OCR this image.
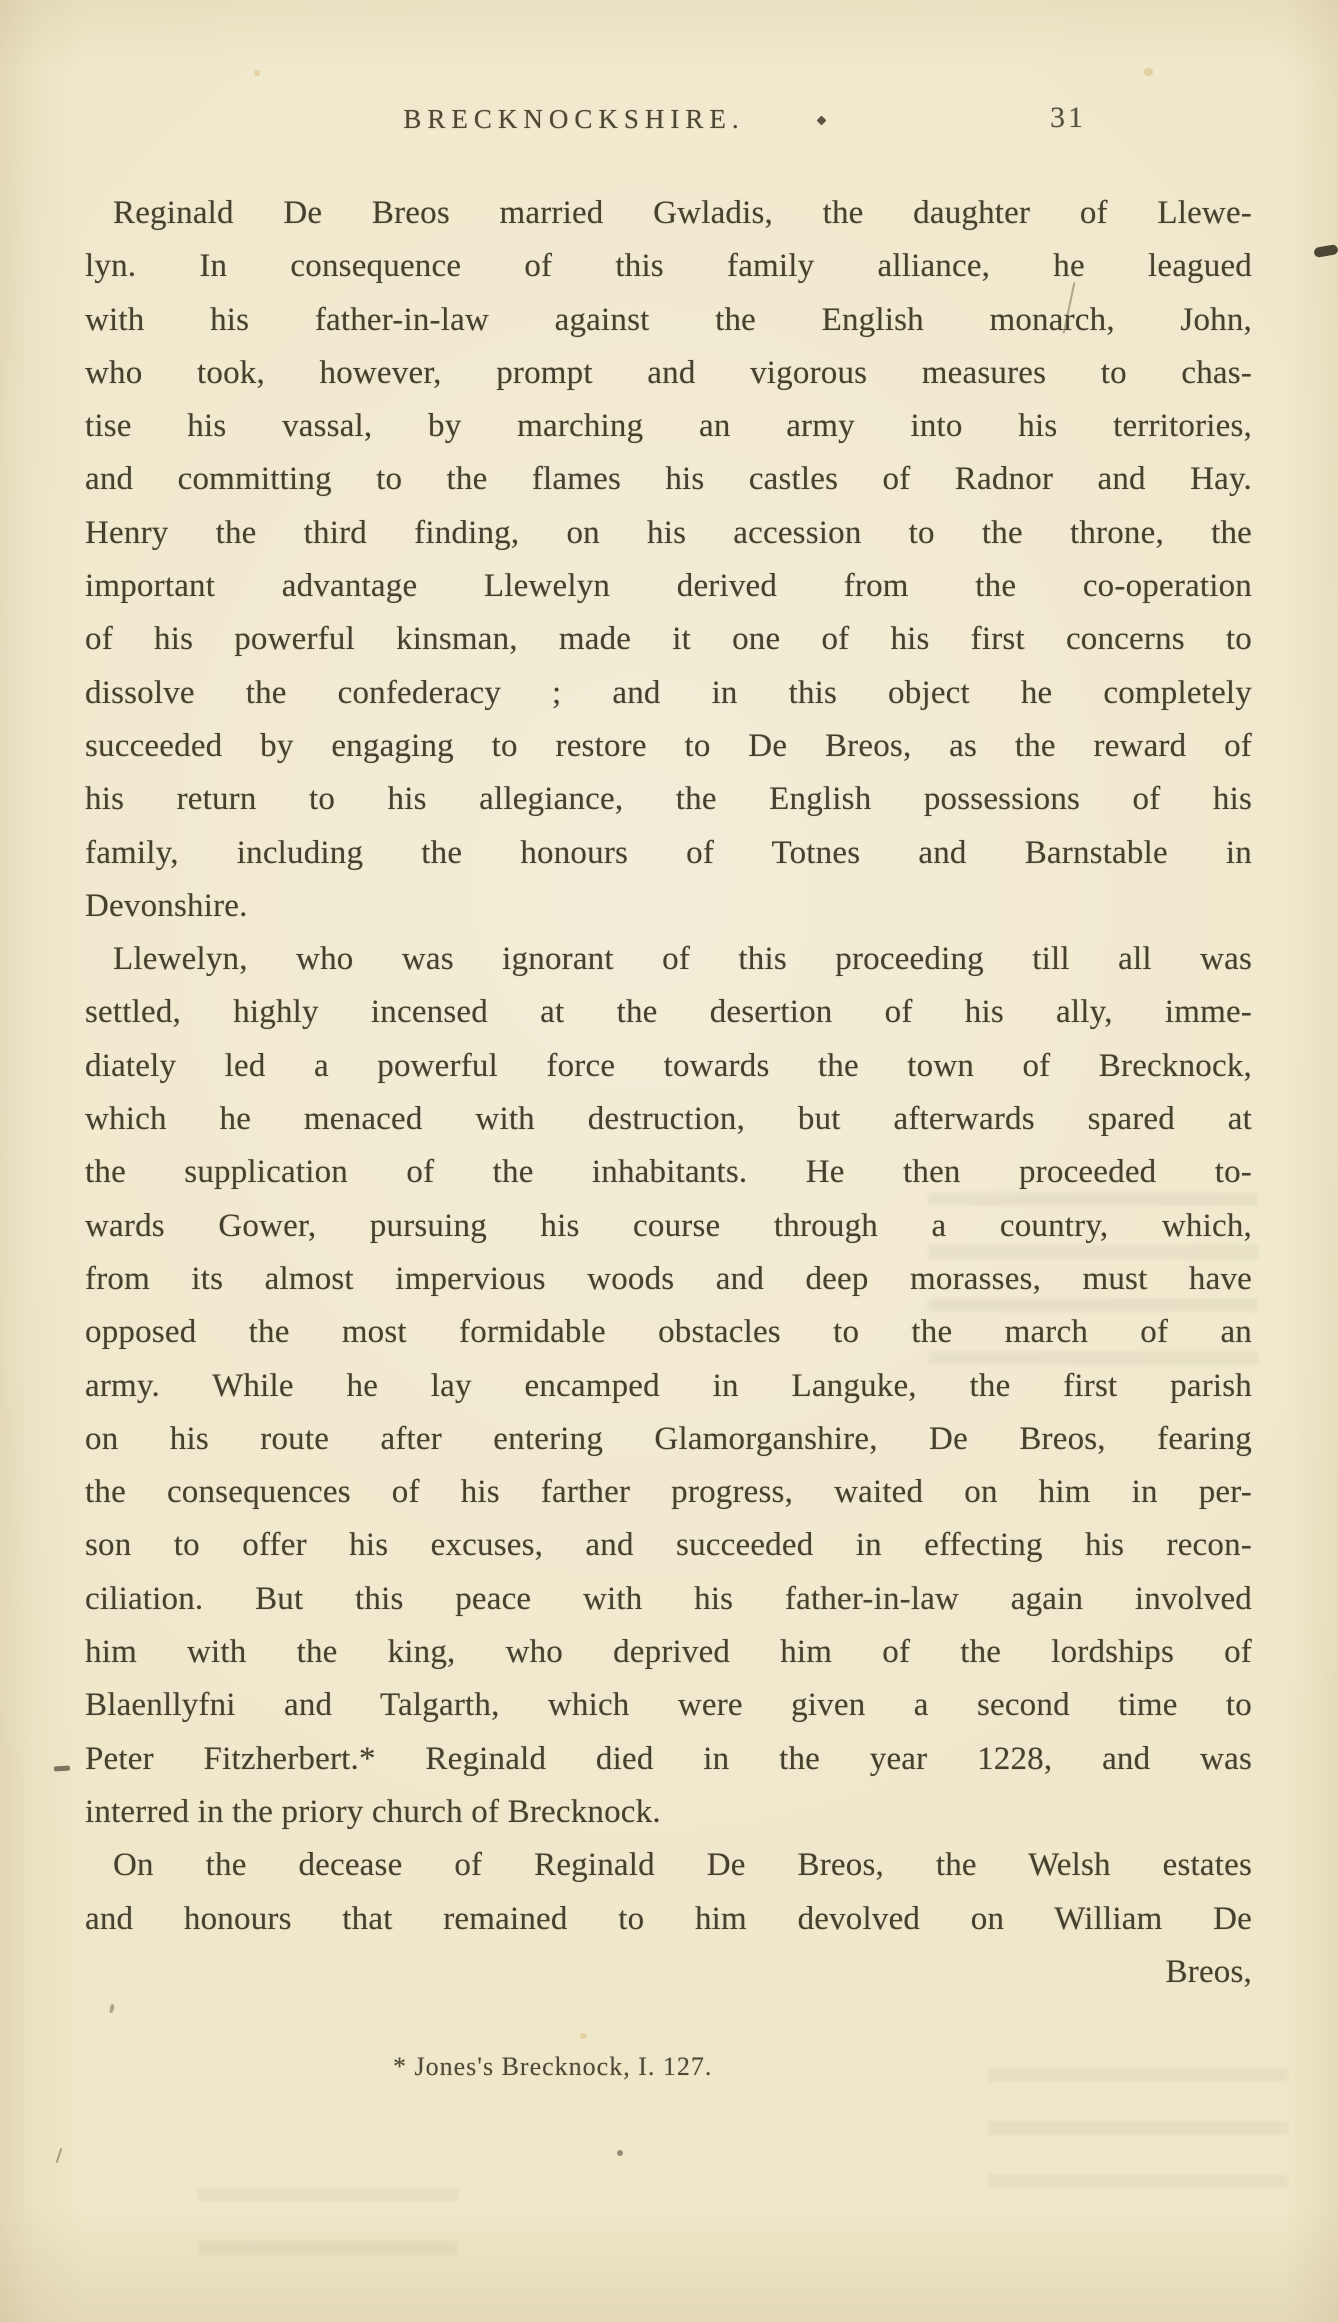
BRECKNOCKSHIRE.	31
Reginald De Breos married Gwladis, the daughter of Llewe-
lyn. In consequence of this family alliance, he leagued
with his father-in-law against the English monarch, John,
who took, however, prompt and vigorous measures to chas-
tise his vassal, by marching an army into his territories,
and committing to the flames his castles of Radnor and Hay.
Henry the third finding, on his accession to the throne, the
important advantage Llewelyn derived from the co-operation
of his powerful kinsman, made it one of his first concerns to
dissolve the confederacy ; and in this object he completely
succeeded by engaging to restore to De Breos, as the reward of
his return to his allegiance, the English possessions of his
family, including the honours of Totnes and Barnstable in
Devonshire.
Llewelyn, who was ignorant of this proceeding till all was
settled, highly incensed at the desertion of his ally, imme-
diately led a powerful force towards the town of Brecknock,
which he menaced with destruction, but afterwards spared at
the supplication of the inhabitants. He then proceeded to-
wards Gower, pursuing his course through a country, which,
from its almost impervious woods and deep morasses, must have
opposed the most formidable obstacles to the march of an
army. While he lay encamped in Languke, the first parish
on his route after entering Glamorganshire, De Breos, fearing
the consequences of his farther progress, waited on him in per-
son to offer his excuses, and succeeded in effecting his recon-
ciliation. But this peace with his father-in-law again involved
him with the king, who deprived him of the lordships of
Blaenllyfni and Talgarth, which were given a second time to
Peter Fitzherbert.* Reginald died in the year 1228, and was
interred in the priory church of Brecknock.
On the decease of Reginald De Breos, the Welsh estates
and honours that remained to him devolved on William De
Breos,
* Jones's Brecknock, I. 127.
